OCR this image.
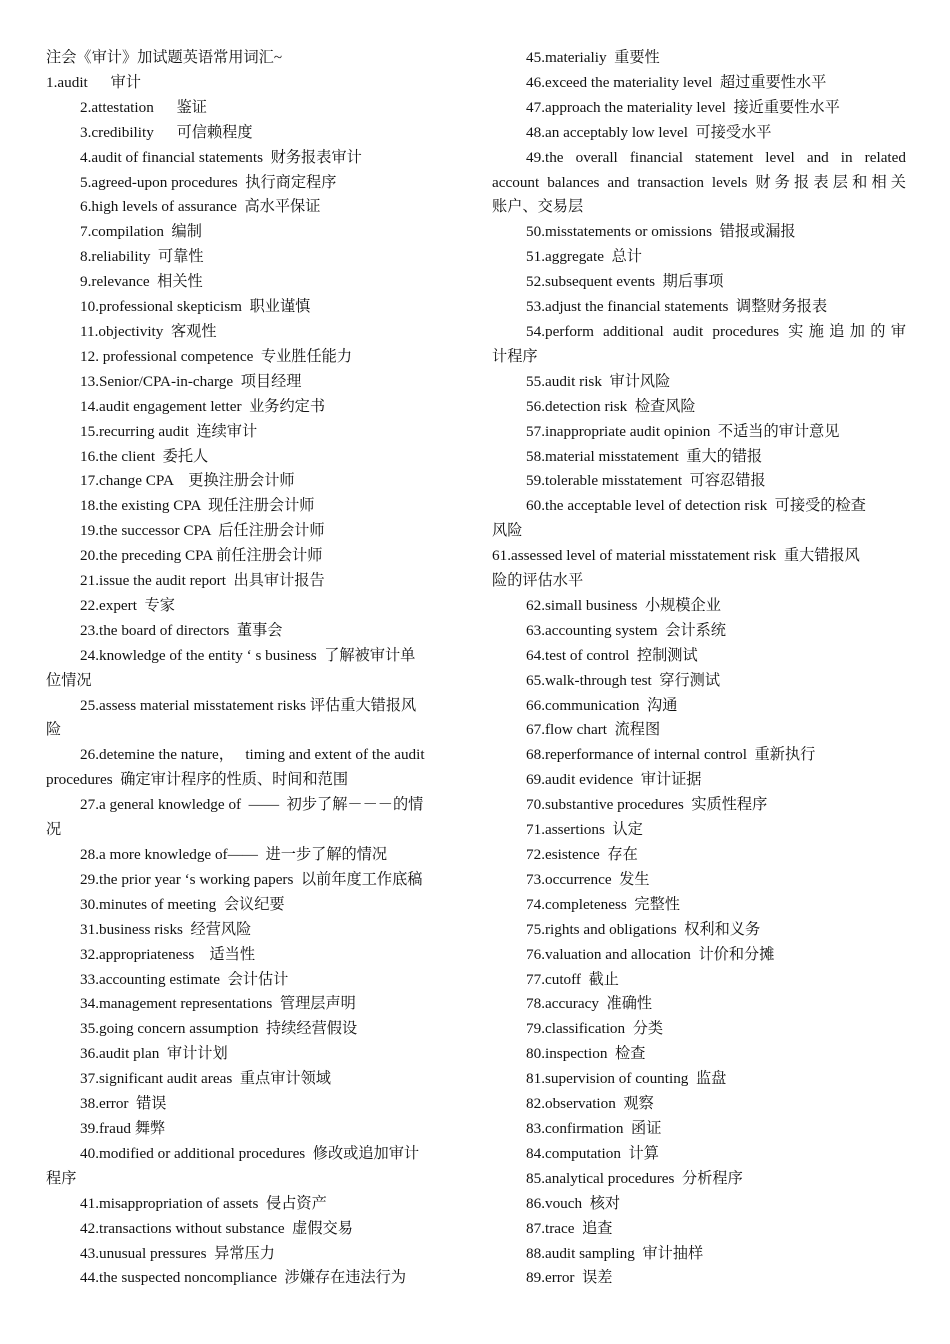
注会《审计》加试题英语常用词汇~
1.audit      审计
2.attestation      鉴证
3.credibility      可信赖程度
4.audit of financial statements  财务报表审计
5.agreed-upon procedures  执行商定程序
6.high levels of assurance  高水平保证
7.compilation  编制
8.reliability  可靠性
9.relevance  相关性
10.professional skepticism  职业谨慎
11.objectivity  客观性
12. professional competence  专业胜任能力
13.Senior/CPA-in-charge  项目经理
14.audit engagement letter  业务约定书
15.recurring audit  连续审计
16.the client  委托人
17.change CPA    更换注册会计师
18.the existing CPA  现任注册会计师
19.the successor CPA  后任注册会计师
20.the preceding CPA 前任注册会计师
21.issue the audit report  出具审计报告
22.expert  专家
23.the board of directors  董事会
24.knowledge of the entity ‘ s business  了解被审计单
位情况
25.assess material misstatement risks 评估重大错报风
险
26.detemine the nature，   timing and extent of the audit
procedures  确定审计程序的性质、时间和范围
27.a general knowledge of  ——  初步了解－－－的情
况
28.a more knowledge of——  进一步了解的情况
29.the prior year ‘s working papers  以前年度工作底稿
30.minutes of meeting  会议纪要
31.business risks  经营风险
32.appropriateness    适当性
33.accounting estimate  会计估计
34.management representations  管理层声明
35.going concern assumption  持续经营假设
36.audit plan  审计计划
37.significant audit areas  重点审计领域
38.error  错误
39.fraud 舞弊
40.modified or additional procedures  修改或追加审计
程序
41.misappropriation of assets  侵占资产
42.transactions without substance  虚假交易
43.unusual pressures  异常压力
44.the suspected noncompliance  涉嫌存在违法行为
45.materialiy  重要性
46.exceed the materiality level  超过重要性水平
47.approach the materiality level  接近重要性水平
48.an acceptably low level  可接受水平
49.the overall financial statement level and in related
account balances and transaction levels 财务报表层和相关
账户、交易层
50.misstatements or omissions  错报或漏报
51.aggregate  总计
52.subsequent events  期后事项
53.adjust the financial statements  调整财务报表
54.perform additional audit procedures 实施追加的审
计程序
55.audit risk  审计风险
56.detection risk  检查风险
57.inappropriate audit opinion  不适当的审计意见
58.material misstatement  重大的错报
59.tolerable misstatement  可容忍错报
60.the acceptable level of detection risk  可接受的检查
风险
61.assessed level of material misstatement risk  重大错报风
险的评估水平
62.simall business  小规模企业
63.accounting system  会计系统
64.test of control  控制测试
65.walk-through test  穿行测试
66.communication  沟通
67.flow chart  流程图
68.reperformance of internal control  重新执行
69.audit evidence  审计证据
70.substantive procedures  实质性程序
71.assertions  认定
72.esistence  存在
73.occurrence  发生
74.completeness  完整性
75.rights and obligations  权利和义务
76.valuation and allocation  计价和分摊
77.cutoff  截止
78.accuracy  准确性
79.classification  分类
80.inspection  检查
81.supervision of counting  监盘
82.observation  观察
83.confirmation  函证
84.computation  计算
85.analytical procedures  分析程序
86.vouch  核对
87.trace  追查
88.audit sampling  审计抽样
89.error  误差
